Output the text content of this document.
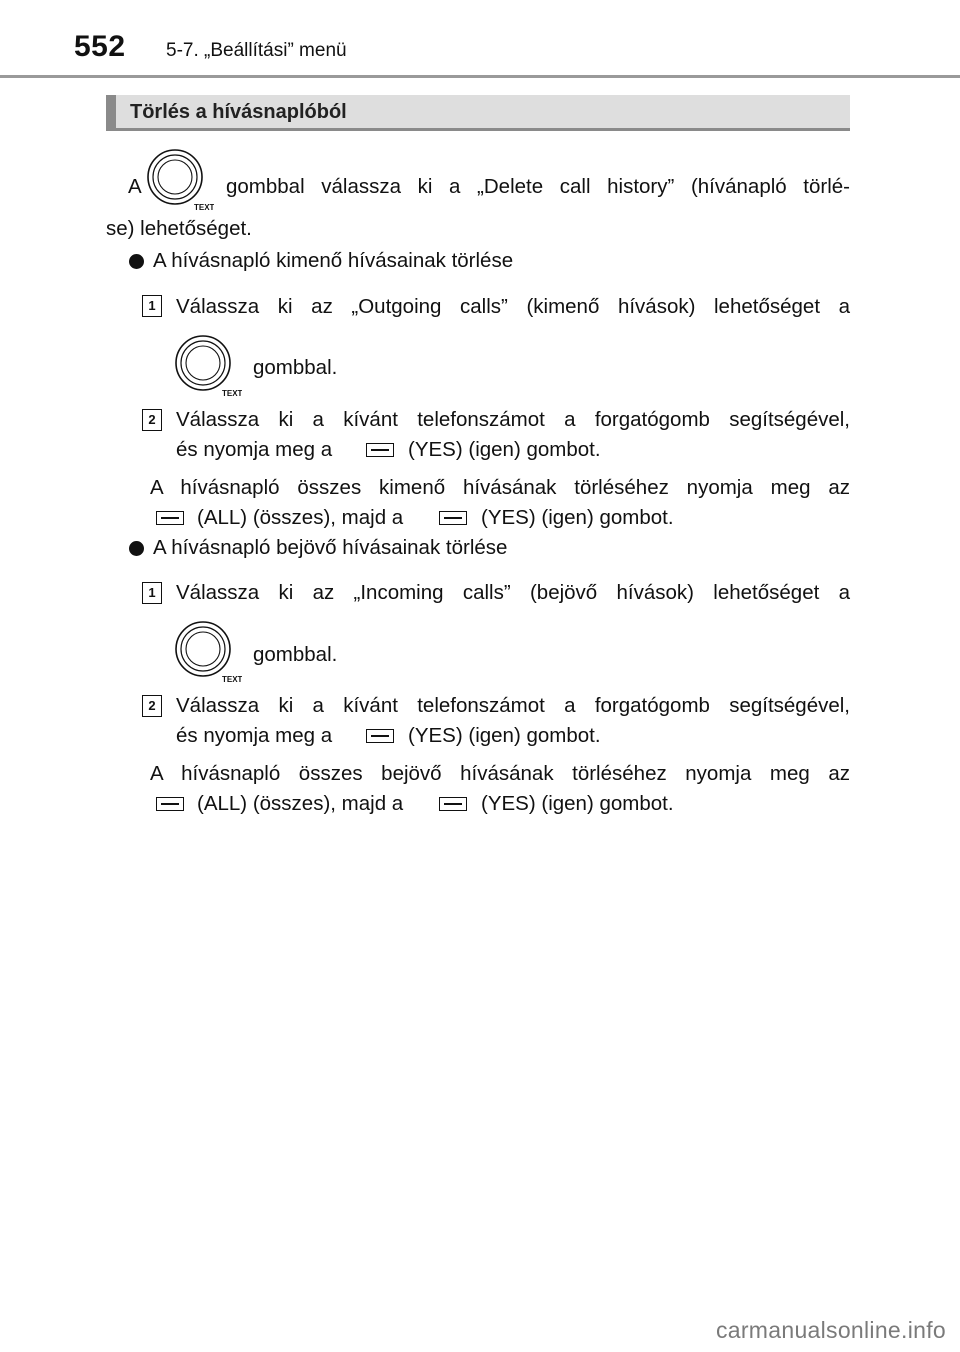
552 5-7. „Beállítási” menü
Törlés a hívásnaplóból
A
TEXT
gombbal válassza ki a „Delete call history” (hívánapló törlé-
se) lehetőséget.
A hívásnapló kimenő hívásainak törlése
1 Válassza ki az „Outgoing calls” (kimenő hívások) lehetőséget a
TEXT
gombbal.
2 Válassza ki a kívánt telefonszámot a forgatógomb segítségével,
és nyomja meg a	(YES) (igen) gombot.
A hívásnapló összes kimenő hívásának törléséhez nyomja meg az
(ALL) (összes), majd a	(YES) (igen) gombot.
A hívásnapló bejövő hívásainak törlése
1 Válassza ki az „Incoming calls” (bejövő hívások) lehetőséget a
TEXT
gombbal.
2 Válassza ki a kívánt telefonszámot a forgatógomb segítségével,
és nyomja meg a	(YES) (igen) gombot.
A hívásnapló összes bejövő hívásának törléséhez nyomja meg az
(ALL) (összes), majd a	(YES) (igen) gombot.
carmanualsonline.info
